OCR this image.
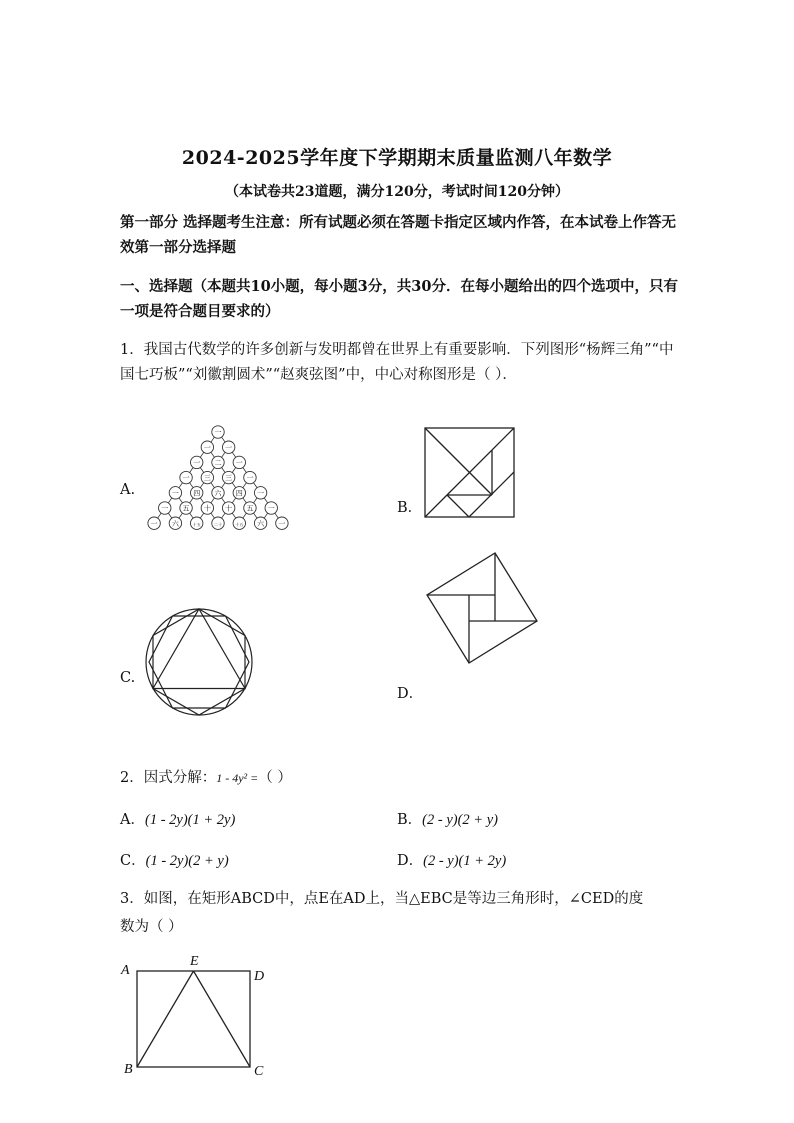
2024-2025学年度下学期期末质量监测八年数学
（本试卷共23道题，满分120分，考试时间120分钟）
第一部分 选择题考生注意：所有试题必须在答题卡指定区域内作答，在本试卷上作答无效第一部分选择题
一、选择题（本题共10小题，每小题3分，共30分．在每小题给出的四个选项中，只有一项是符合题目要求的）
1．我国古代数学的许多创新与发明都曾在世界上有重要影响．下列图形“杨辉三角”“中国七巧板”“刘徽割圆术”“赵爽弦图”中，中心对称图形是（ ）．
A.
B．
C.
D．
一
一 一
一 二 一
一 三 三 一
一 四 六 四 一
一 五 十 十 五 一
一 六	十五	二十	十五 六 一
2．因式分解：1 - 4y² =（ ）
A．(1 - 2y)(1 + 2y)	B．(2 - y)(2 + y)
C．(1 - 2y)(2 + y)	D．(2 - y)(1 + 2y)
3．如图，在矩形ABCD中，点E在AD上，当△EBC是等边三角形时，∠CED的度
数为（ ）
A
E
D
B	C
